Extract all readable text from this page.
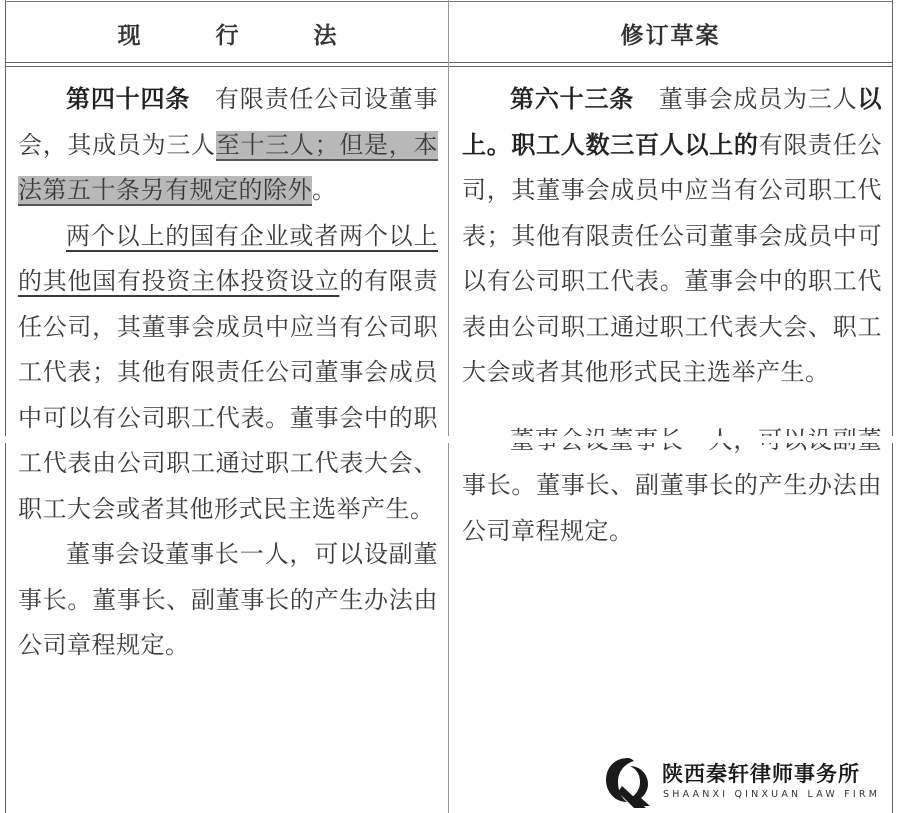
现　行　法	修订草案

第四十四条　有限责任公司设董事会，其成员为三人至十三人；但是，本法第五十条另有规定的除外。

两个以上的国有企业或者两个以上的其他国有投资主体投资设立的有限责任公司，其董事会成员中应当有公司职工代表；其他有限责任公司董事会成员中可以有公司职工代表。董事会中的职工代表由公司职工通过职工代表大会、职工大会或者其他形式民主选举产生。

董事会设董事长一人，可以设副董事长。董事长、副董事长的产生办法由公司章程规定。

第六十三条　董事会成员为三人以上。职工人数三百人以上的有限责任公司，其董事会成员中应当有公司职工代表；其他有限责任公司董事会成员中可以有公司职工代表。董事会中的职工代表由公司职工通过职工代表大会、职工大会或者其他形式民主选举产生。

事长。董事长、副董事长的产生办法由公司章程规定。

陕西秦轩律师事务所
SHAANXI QINXUAN LAW FIRM
